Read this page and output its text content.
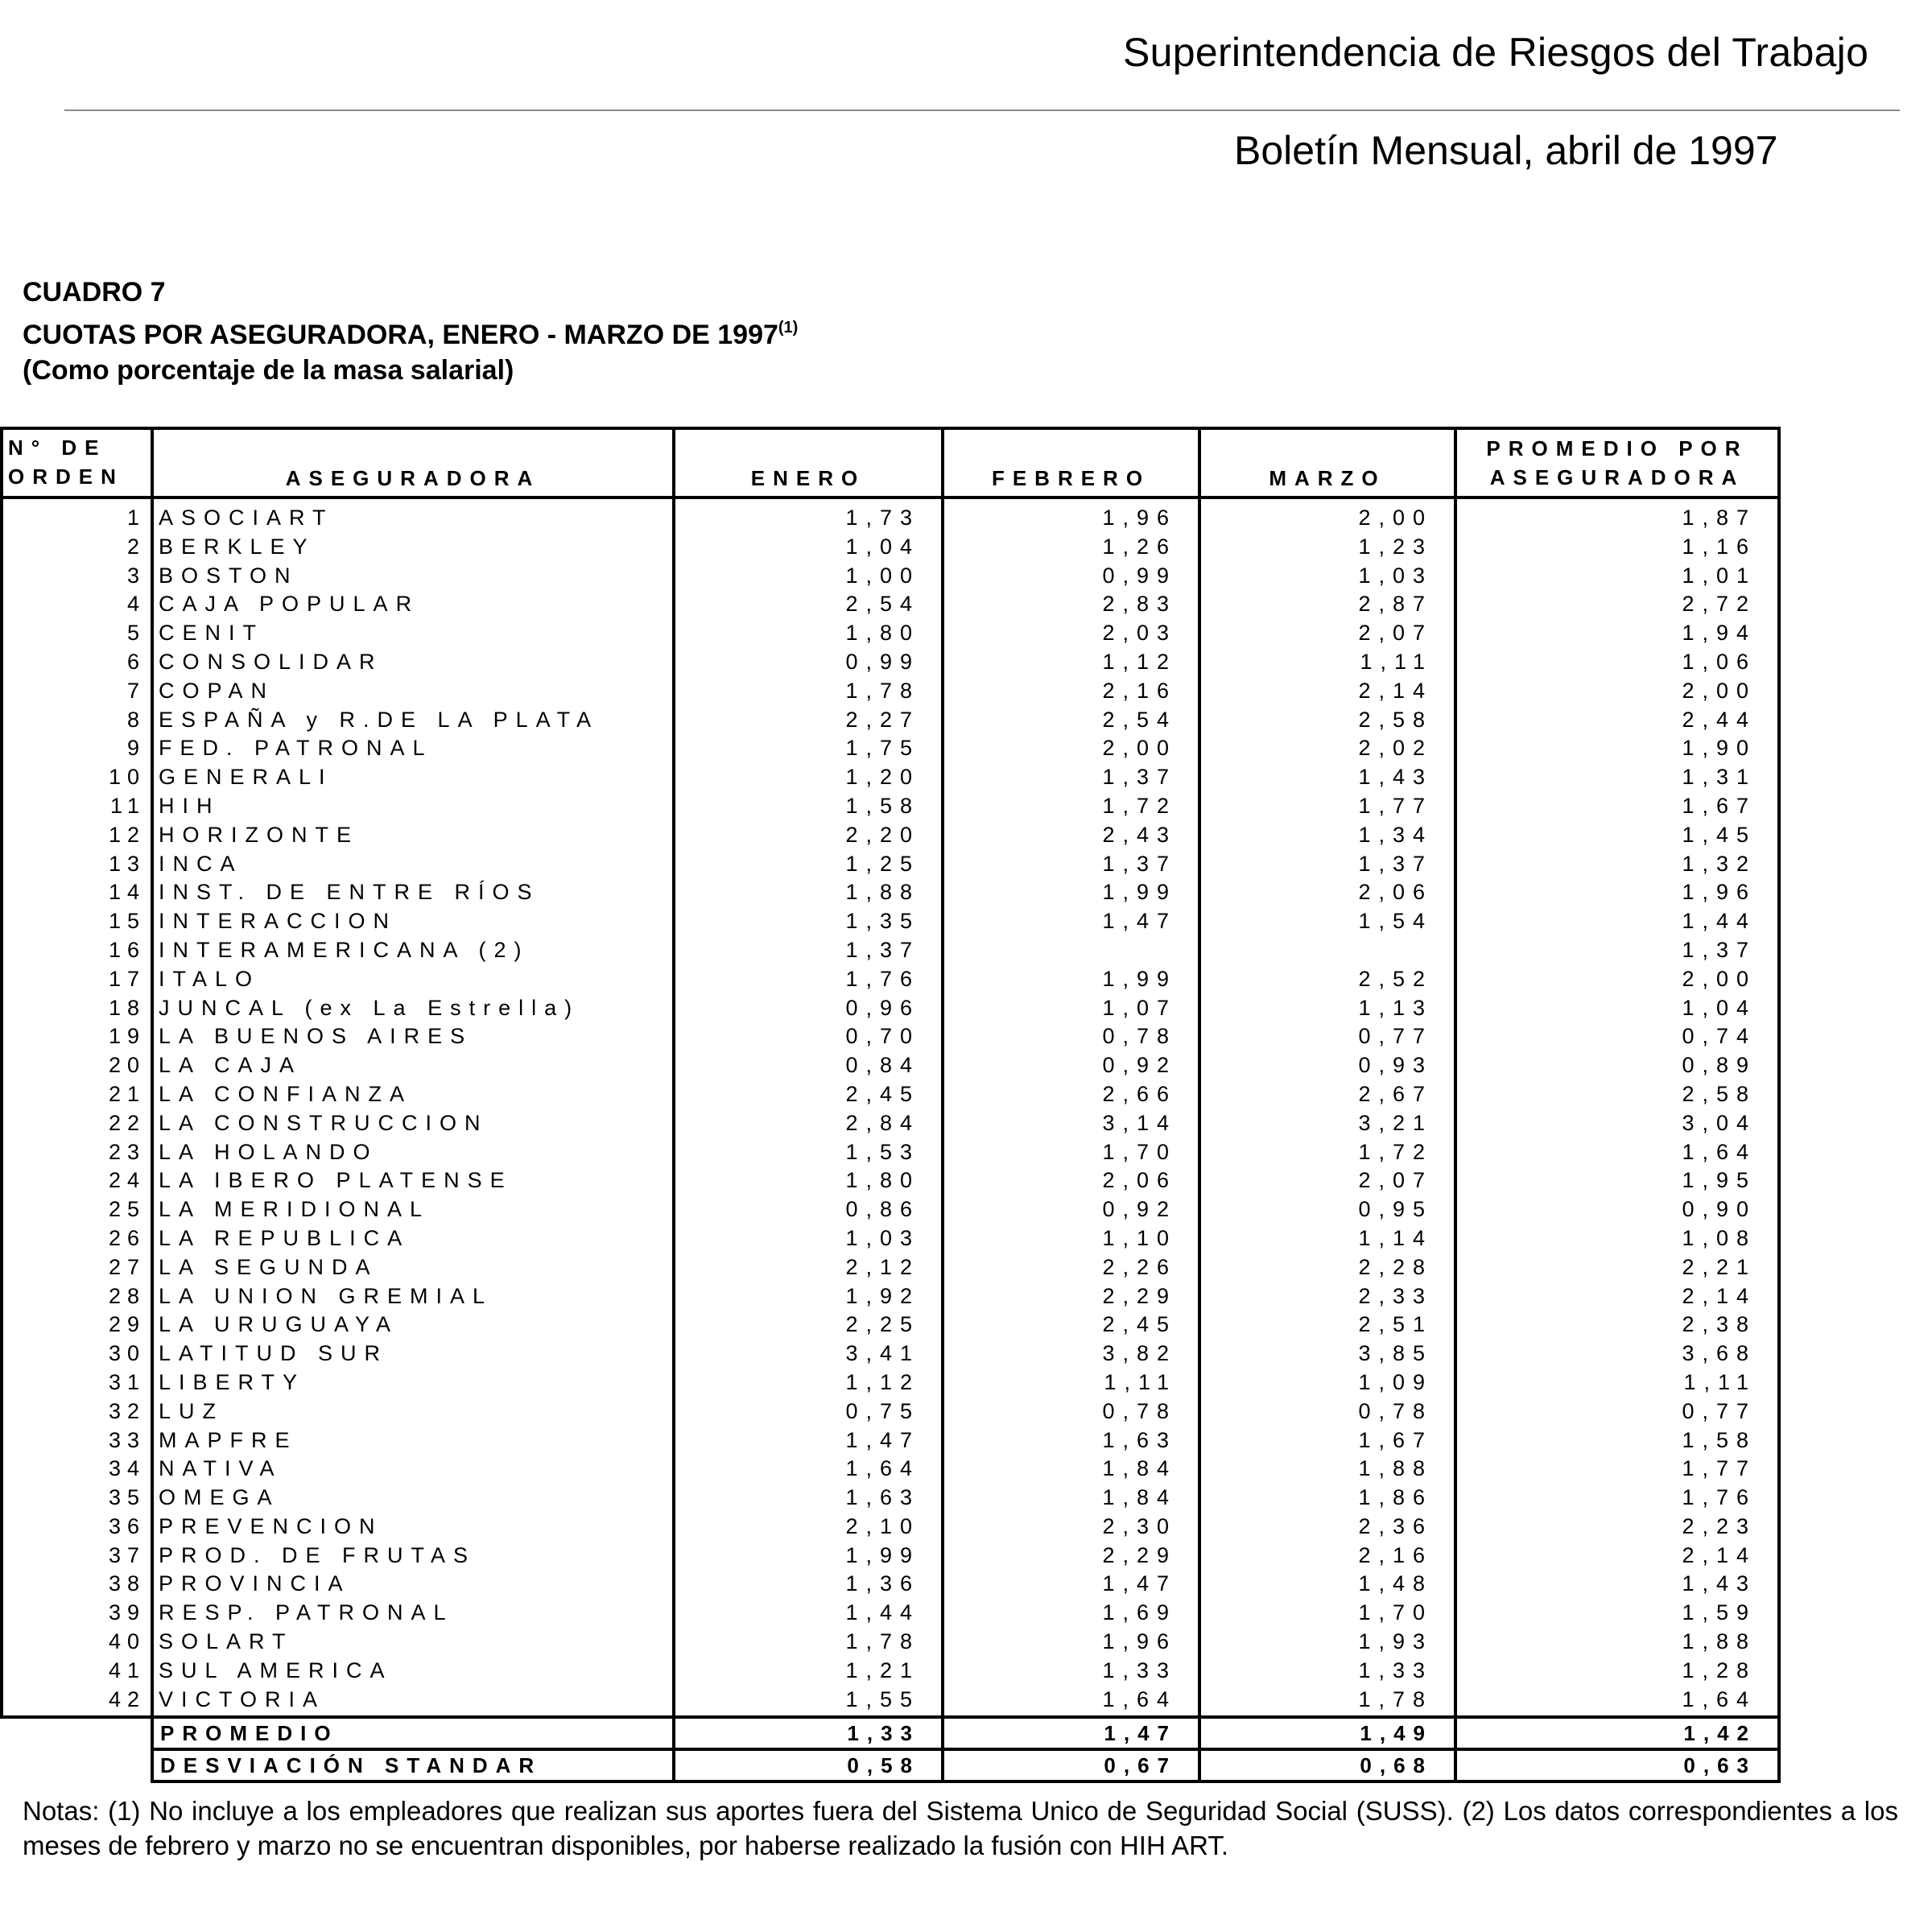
Superintendencia de Riesgos del Trabajo
Boletín Mensual, abril de 1997
CUADRO 7
CUOTAS POR ASEGURADORA, ENERO - MARZO DE 1997$^{(1)}$
(Como porcentaje de la masa salarial)
N° DE
ORDEN	ASEGURADORA	ENERO	FEBRERO	MARZO	PROMEDIO POR
ASEGURADORA

1	ASOCIART	1,73	1,96	2,00	1,87
2	BERKLEY	1,04	1,26	1,23	1,16
3	BOSTON	1,00	0,99	1,03	1,01
4	CAJA POPULAR	2,54	2,83	2,87	2,72
5	CENIT	1,80	2,03	2,07	1,94
6	CONSOLIDAR	0,99	1,12	1,11	1,06
7	COPAN	1,78	2,16	2,14	2,00
8	ESPAÑA y R.DE LA PLATA	2,27	2,54	2,58	2,44
9	FED. PATRONAL	1,75	2,00	2,02	1,90
10	GENERALI	1,20	1,37	1,43	1,31
11	HIH	1,58	1,72	1,77	1,67
12	HORIZONTE	2,20	2,43	1,34	1,45
13	INCA	1,25	1,37	1,37	1,32
14	INST. DE ENTRE RÍOS	1,88	1,99	2,06	1,96
15	INTERACCION	1,35	1,47	1,54	1,44
16	INTERAMERICANA (2)	1,37			1,37
17	ITALO	1,76	1,99	2,52	2,00
18	JUNCAL (ex La Estrella)	0,96	1,07	1,13	1,04
19	LA BUENOS AIRES	0,70	0,78	0,77	0,74
20	LA CAJA	0,84	0,92	0,93	0,89
21	LA CONFIANZA	2,45	2,66	2,67	2,58
22	LA CONSTRUCCION	2,84	3,14	3,21	3,04
23	LA HOLANDO	1,53	1,70	1,72	1,64
24	LA IBERO PLATENSE	1,80	2,06	2,07	1,95
25	LA MERIDIONAL	0,86	0,92	0,95	0,90
26	LA REPUBLICA	1,03	1,10	1,14	1,08
27	LA SEGUNDA	2,12	2,26	2,28	2,21
28	LA UNION GREMIAL	1,92	2,29	2,33	2,14
29	LA URUGUAYA	2,25	2,45	2,51	2,38
30	LATITUD SUR	3,41	3,82	3,85	3,68
31	LIBERTY	1,12	1,11	1,09	1,11
32	LUZ	0,75	0,78	0,78	0,77
33	MAPFRE	1,47	1,63	1,67	1,58
34	NATIVA	1,64	1,84	1,88	1,77
35	OMEGA	1,63	1,84	1,86	1,76
36	PREVENCION	2,10	2,30	2,36	2,23
37	PROD. DE FRUTAS	1,99	2,29	2,16	2,14
38	PROVINCIA	1,36	1,47	1,48	1,43
39	RESP. PATRONAL	1,44	1,69	1,70	1,59
40	SOLART	1,78	1,96	1,93	1,88
41	SUL AMERICA	1,21	1,33	1,33	1,28
42	VICTORIA	1,55	1,64	1,78	1,64
	PROMEDIO	1,33	1,47	1,49	1,42
	DESVIACIÓN STANDAR	0,58	0,67	0,68	0,63
Notas: (1) No incluye a los empleadores que realizan sus aportes fuera del Sistema Unico de Seguridad Social (SUSS). (2) Los datos correspondientes a los meses de febrero y marzo no se encuentran disponibles, por haberse realizado la fusión con HIH ART.
